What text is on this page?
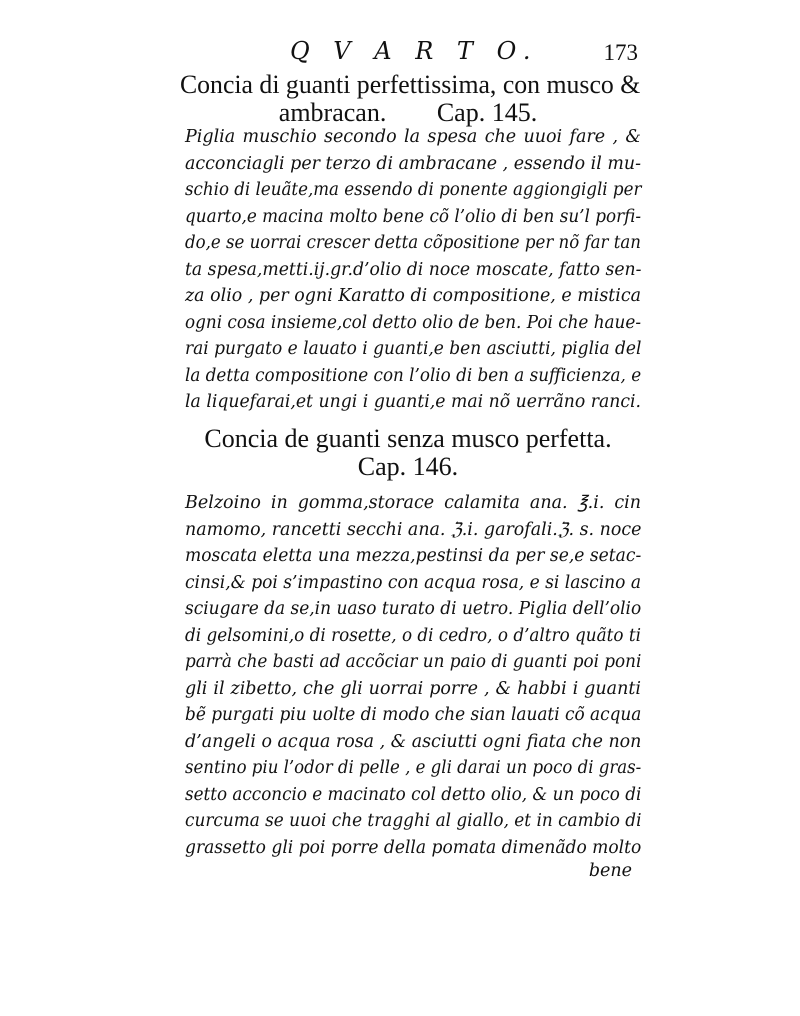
Q V A R T O.	173
Concia di guanti perfettissima, con musco &
ambracan. Cap. 145.
Piglia muschio secondo la spesa che uuoi fare , &
acconciagli per terzo di ambracane , essendo il mu-
schio di leuãte,ma essendo di ponente aggiongigli per
quarto,e macina molto bene cõ l’olio di ben su’l porfi-
do,e se uorrai crescer detta cõpositione per nõ far tan
ta spesa,metti.ij.gr.d’olio di noce moscate, fatto sen-
za olio , per ogni Karatto di compositione, e mistica
ogni cosa insieme,col detto olio de ben. Poi che haue-
rai purgato e lauato i guanti,e ben asciutti, piglia del
la detta compositione con l’olio di ben a sufficienza, e
la liquefarai,et ungi i guanti,e mai nõ uerrãno ranci.
Concia de guanti senza musco perfetta.
Cap. 146.
Belzoino in gomma,storace calamita ana. ℥.i. cin
namomo, rancetti secchi ana. ℨ.i. garofali.ℨ. s. noce
moscata eletta una mezza,pestinsi da per se,e setac-
cinsi,& poi s’impastino con acqua rosa, e si lascino a
sciugare da se,in uaso turato di uetro. Piglia dell’olio
di gelsomini,o di rosette, o di cedro, o d’altro quãto ti
parrà che basti ad accõciar un paio di guanti poi poni
gli il zibetto, che gli uorrai porre , & habbi i guanti
bẽ purgati piu uolte di modo che sian lauati cõ acqua
d’angeli o acqua rosa , & asciutti ogni fiata che non
sentino piu l’odor di pelle , e gli darai un poco di gras-
setto acconcio e macinato col detto olio, & un poco di
curcuma se uuoi che tragghi al giallo, et in cambio di
grassetto gli poi porre della pomata dimenãdo molto
bene
